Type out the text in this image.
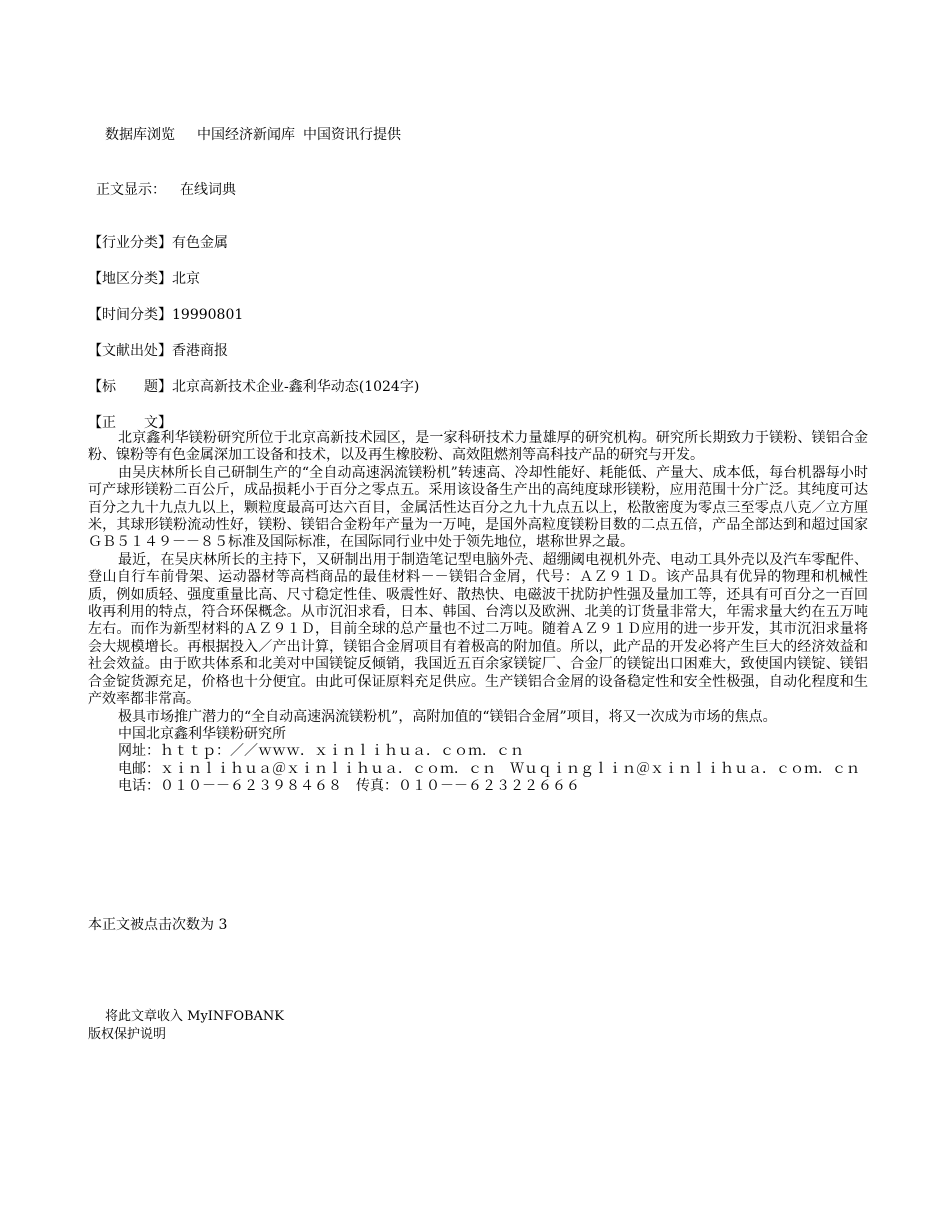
数据库浏览 中国经济新闻库 中国资讯行提供
正文显示： 在线词典
【行业分类】有色金属
【地区分类】北京
【时间分类】19990801
【文献出处】香港商报
【标　　题】北京高新技术企业-鑫利华动态(1024字)
【正　　文】

北京鑫利华镁粉研究所位于北京高新技术园区，是一家科研技术力量雄厚的研究机构。研究所长期致力于镁粉、镁铝合金粉、镍粉等有色金属深加工设备和技术，以及再生橡胶粉、高效阻燃剂等高科技产品的研究与开发。

由吴庆林所长自己研制生产的“全自动高速涡流镁粉机”转速高、冷却性能好、耗能低、产量大、成本低，每台机器每小时可产球形镁粉二百公斤，成品损耗小于百分之零点五。采用该设备生产出的高纯度球形镁粉，应用范围十分广泛。其纯度可达百分之九十九点九以上，颗粒度最高可达六百目，金属活性达百分之九十九点五以上，松散密度为零点三至零点八克／立方厘米，其球形镁粉流动性好，镁粉、镁铝合金粉年产量为一万吨，是国外高粒度镁粉目数的二点五倍，产品全部达到和超过国家ＧＢ５１４９－－８５标准及国际标准，在国际同行业中处于领先地位，堪称世界之最。

最近，在吴庆林所长的主持下，又研制出用于制造笔记型电脑外壳、超绷阈电视机外壳、电动工具外壳以及汽车零配件、登山自行车前骨架、运动器材等高档商品的最佳材料－－镁铝合金屑，代号：ＡＺ９１Ｄ。该产品具有优异的物理和机械性质，例如质轻、强度重量比高、尺寸稳定性佳、吸震性好、散热快、电磁波干扰防护性强及量加工等，还具有可百分之一百回收再利用的特点，符合环保概念。从市沉汨求看，日本、韩国、台湾以及欧洲、北美的订货量非常大，年需求量大约在五万吨左右。而作为新型材料的ＡＺ９１Ｄ，目前全球的总产量也不过二万吨。随着ＡＺ９１Ｄ应用的进一步开发，其市沉汨求量将会大规模增长。再根据投入／产出计算，镁铝合金屑项目有着极高的附加值。所以，此产品的开发必将产生巨大的经济效益和社会效益。由于欧共体系和北美对中国镁锭反倾销，我国近五百余家镁锭厂、合金厂的镁锭出口困难大，致使国内镁锭、镁铝合金锭货源充足，价格也十分便宜。由此可保证原料充足供应。生产镁铝合金屑的设备稳定性和安全性极强，自动化程度和生产效率都非常高。

极具市场推广潜力的“全自动高速涡流镁粉机”，高附加值的“镁铝合金屑”项目，将又一次成为市场的焦点。

中国北京鑫利华镁粉研究所
网址：ｈｔｔｐ：／／ｗｗｗ．ｘｉｎｌｉｈｕａ．ｃｏｍ．ｃｎ
电邮：ｘｉｎｌｉｈｕａ＠ｘｉｎｌｉｈｕａ．ｃｏｍ．ｃｎ　Ｗｕｑｉｎｇｌｉｎ＠ｘｉｎｌｉｈｕａ．ｃｏｍ．ｃｎ
电话：０１０－－６２３９８４６８　传真：０１０－－６２３２２６６６
本正文被点击次数为 3
将此文章收入 MyINFOBANK
版权保护说明
